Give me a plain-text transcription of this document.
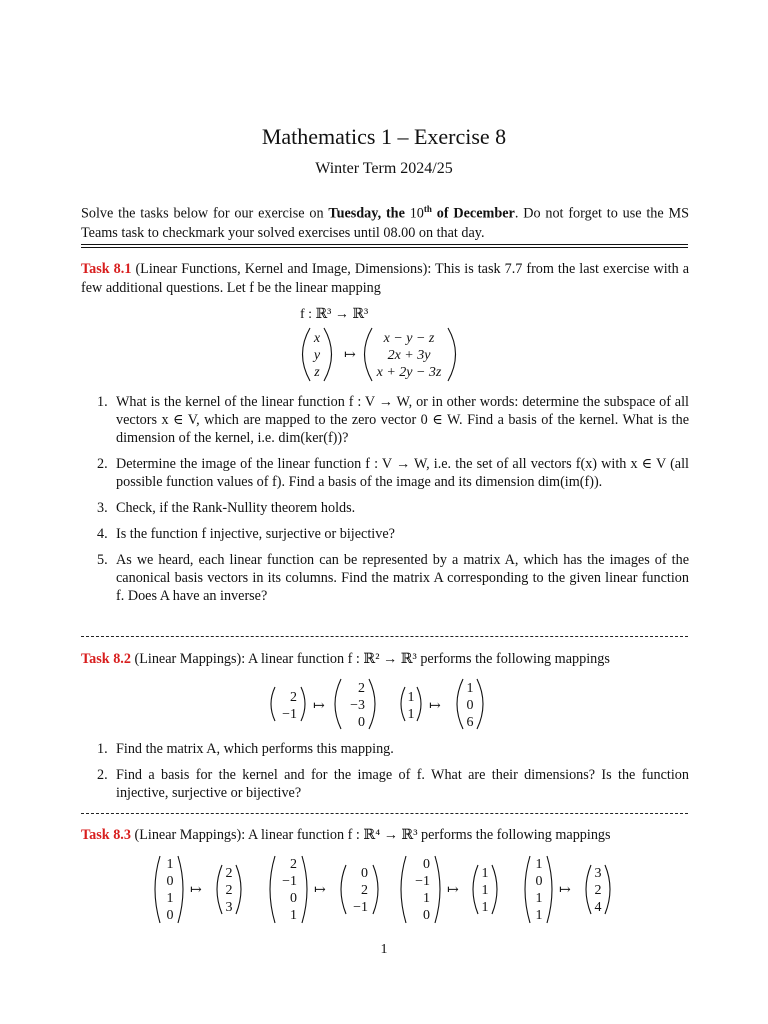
Mathematics 1 – Exercise 8
Winter Term 2024/25
Solve the tasks below for our exercise on Tuesday, the 10th of December. Do not forget to use the MS Teams task to checkmark your solved exercises until 08.00 on that day.
Task 8.1 (Linear Functions, Kernel and Image, Dimensions): This is task 7.7 from the last exercise with a few additional questions. Let f be the linear mapping
f : ℝ³ → ℝ³
x
y
z
↦
x − y − z
2x + 3y
x + 2y − 3z
1. What is the kernel of the linear function f : V → W, or in other words: determine the subspace of all vectors x ∈ V, which are mapped to the zero vector 0 ∈ W. Find a basis of the kernel. What is the dimension of the kernel, i.e. dim(ker(f))?
2. Determine the image of the linear function f : V → W, i.e. the set of all vectors f(x) with x ∈ V (all possible function values of f). Find a basis of the image and its dimension dim(im(f)).
3. Check, if the Rank-Nullity theorem holds.
4. Is the function f injective, surjective or bijective?
5. As we heard, each linear function can be represented by a matrix A, which has the images of the canonical basis vectors in its columns. Find the matrix A corresponding to the given linear function f. Does A have an inverse?
Task 8.2 (Linear Mappings): A linear function f : ℝ² → ℝ³ performs the following mappings
2
−1
↦
2
−3
0
1
1
↦
1
0
6
1. Find the matrix A, which performs this mapping.
2. Find a basis for the kernel and for the image of f. What are their dimensions? Is the function injective, surjective or bijective?
Task 8.3 (Linear Mappings): A linear function f : ℝ⁴ → ℝ³ performs the following mappings
1
0
1
0
↦
2
2
3
2
−1
0
1
↦
0
2
−1
0
−1
1
0
↦
1
1
1
1
0
1
1
↦
3
2
4
1
